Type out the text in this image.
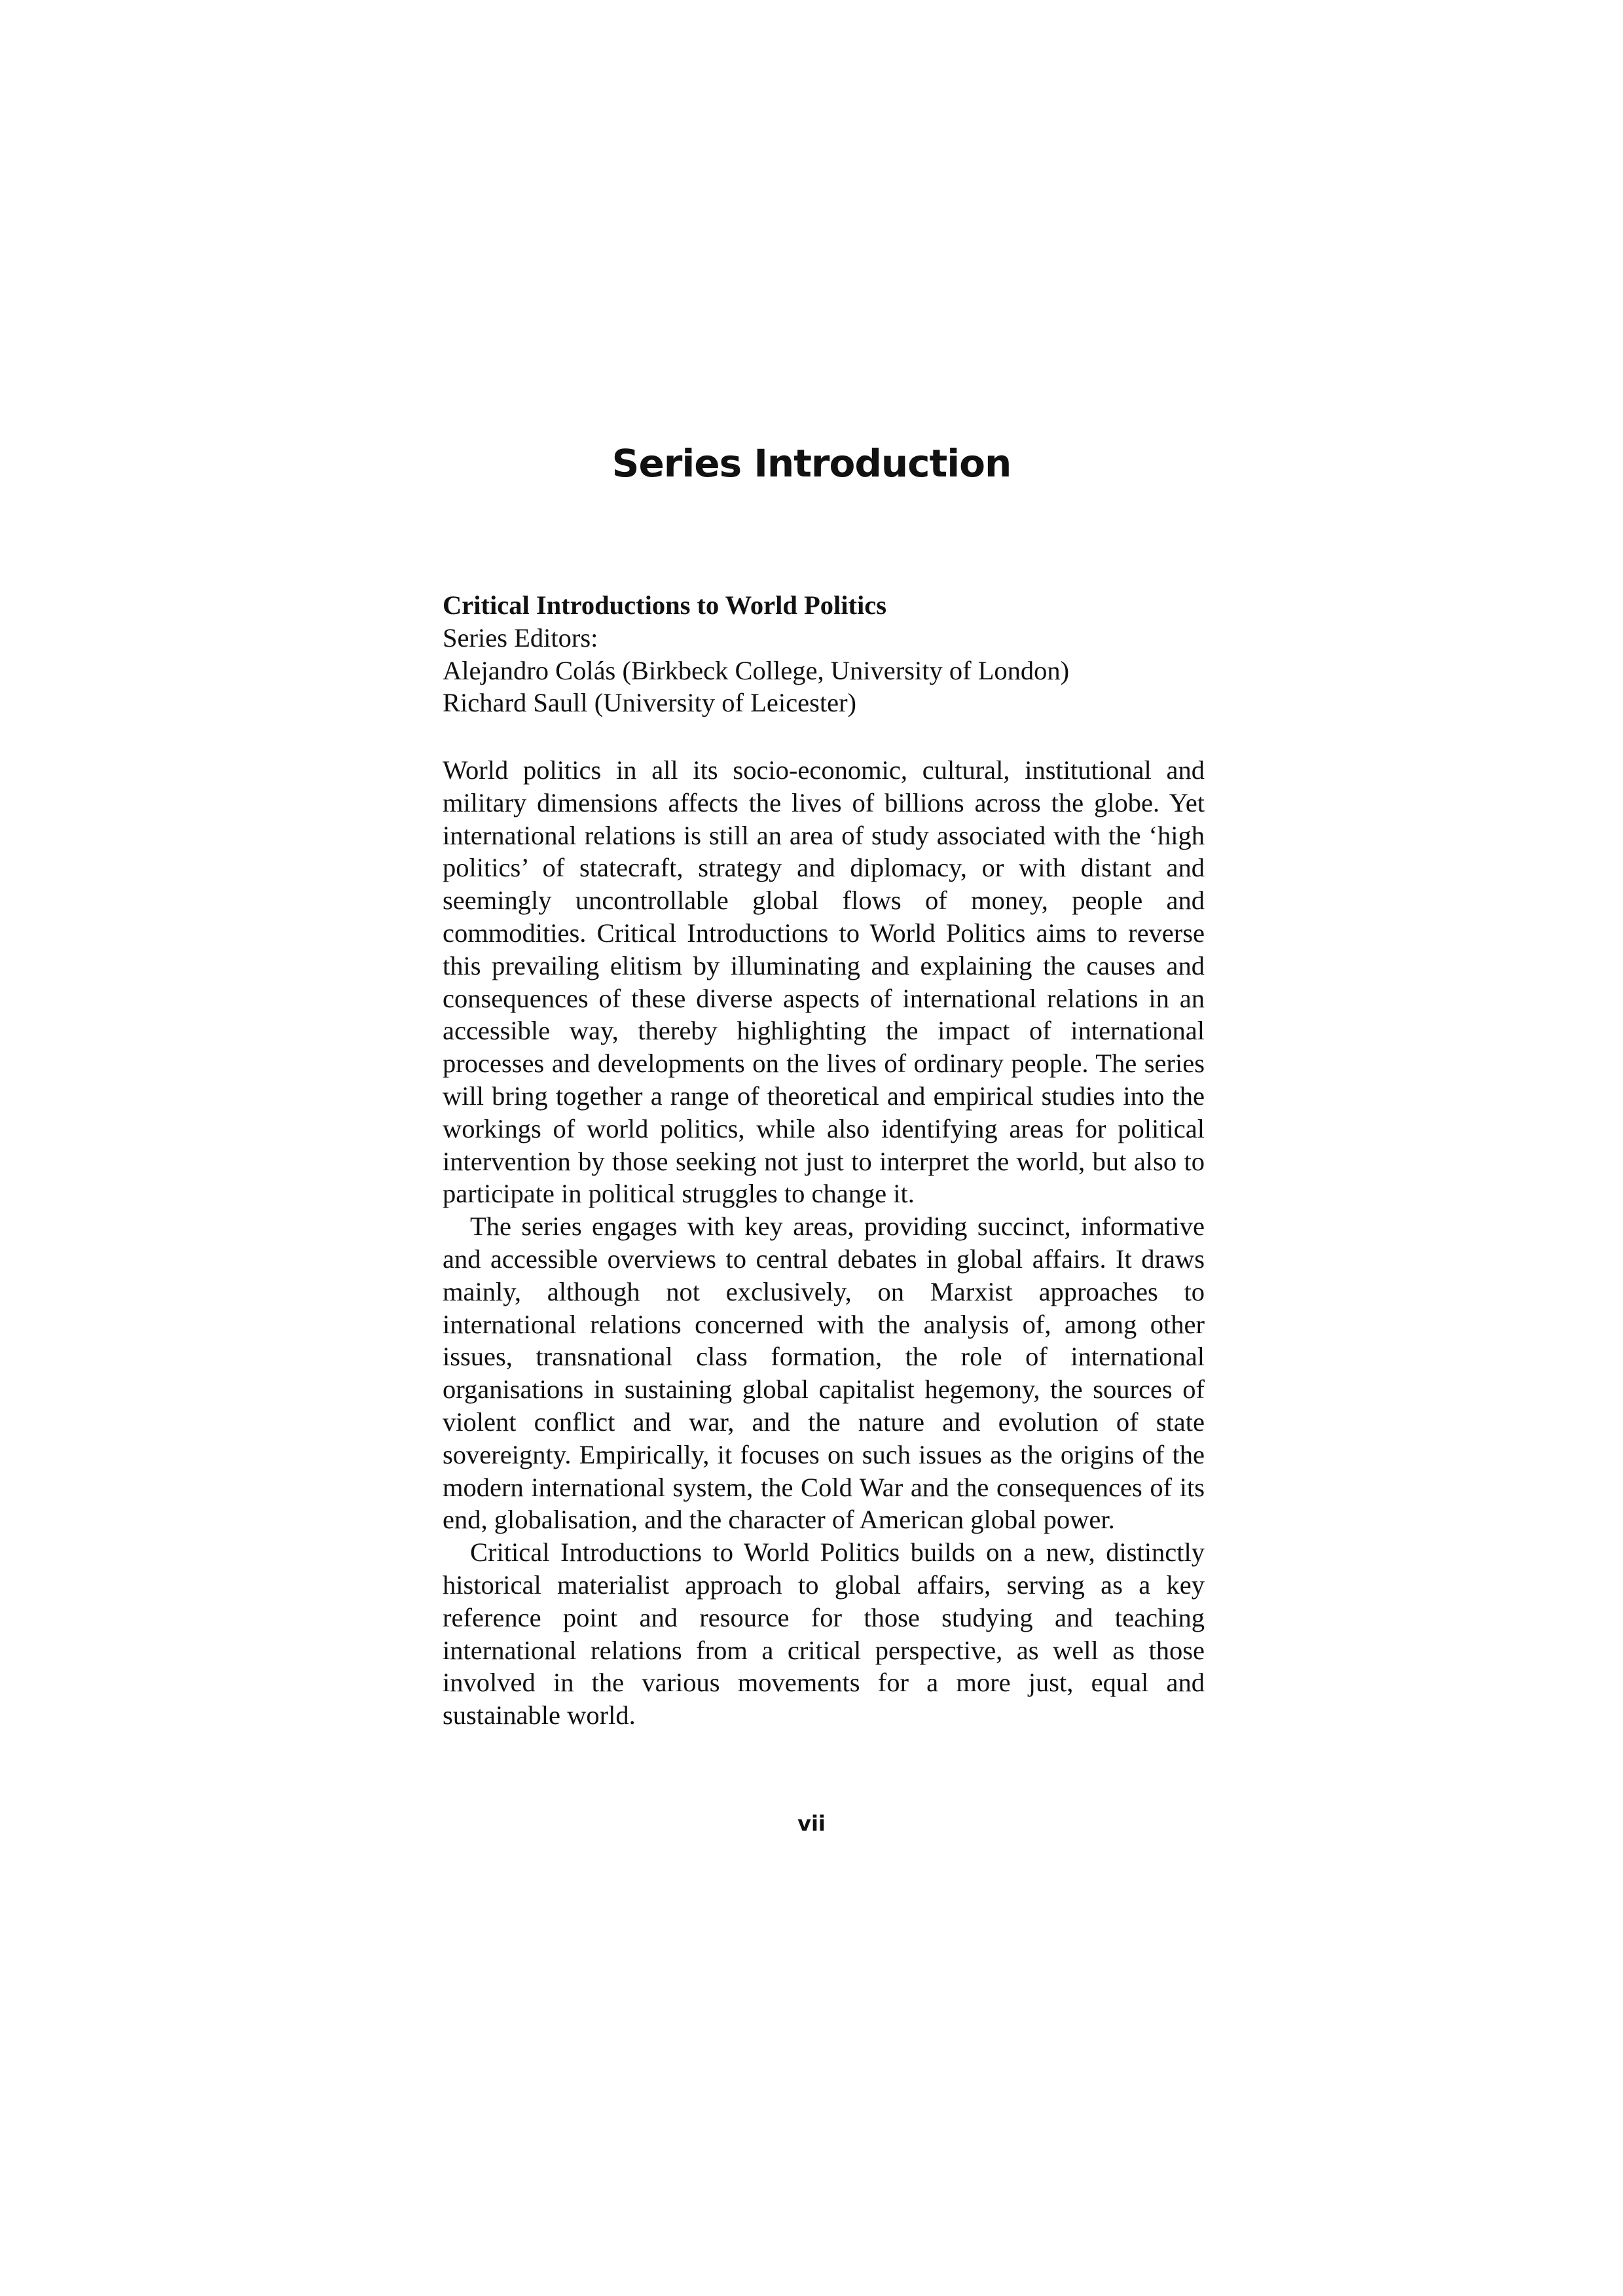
Series Introduction
Critical Introductions to World Politics
Series Editors:
Alejandro Colás (Birkbeck College, University of London)
Richard Saull (University of Leicester)

World politics in all its socio-economic, cultural, institutional and military dimensions affects the lives of billions across the globe. Yet international relations is still an area of study associated with the ‘high politics’ of statecraft, strategy and diplomacy, or with distant and seemingly uncontrollable global flows of money, people and commodities. Critical Introductions to World Politics aims to reverse this prevailing elitism by illuminating and explaining the causes and consequences of these diverse aspects of international relations in an accessible way, thereby highlighting the impact of international processes and developments on the lives of ordinary people. The series will bring together a range of theoretical and empirical studies into the workings of world politics, while also identifying areas for political intervention by those seeking not just to interpret the world, but also to participate in political struggles to change it.

The series engages with key areas, providing succinct, informative and accessible overviews to central debates in global affairs. It draws mainly, although not exclusively, on Marxist approaches to international relations concerned with the analysis of, among other issues, transnational class formation, the role of international organisations in sustaining global capitalist hegemony, the sources of violent conflict and war, and the nature and evolution of state sovereignty. Empirically, it focuses on such issues as the origins of the modern international system, the Cold War and the consequences of its end, globalisation, and the character of American global power.

Critical Introductions to World Politics builds on a new, distinctly historical materialist approach to global affairs, serving as a key reference point and resource for those studying and teaching international relations from a critical perspective, as well as those involved in the various movements for a more just, equal and sustainable world.

vii
